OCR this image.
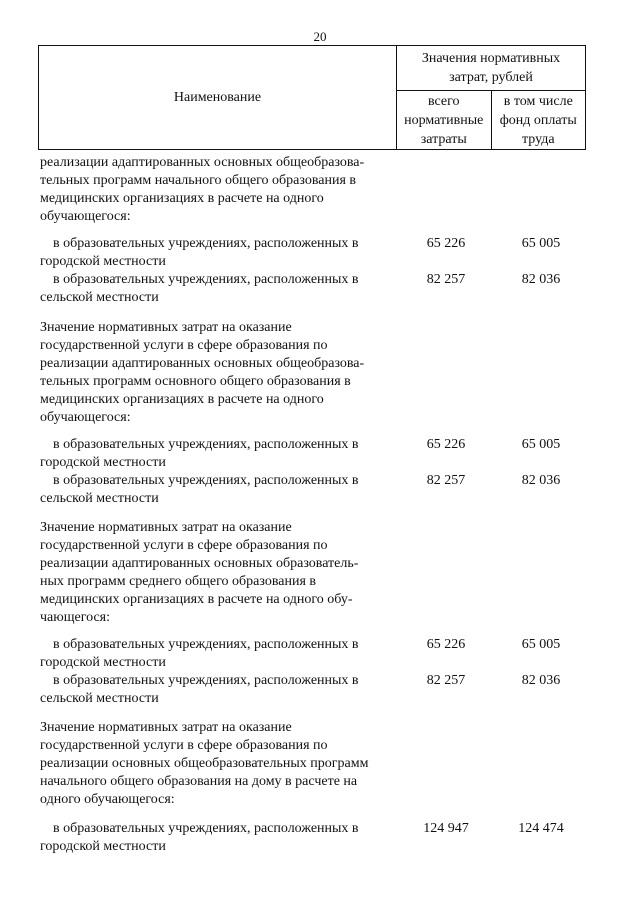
20
Наименование	Значения нормативных
затрат, рублей	
	всего
нормативные
затраты	в том числе
фонд оплаты
труда
реализации адаптированных основных общеобразова-
тельных программ начального общего образования в
медицинских организациях в расчете на одного
обучающегося:
в образовательных учреждениях, расположенных в
городской местности
65 226	65 005
в образовательных учреждениях, расположенных в
сельской местности
82 257	82 036
Значение нормативных затрат на оказание
государственной услуги в сфере образования по
реализации адаптированных основных общеобразова-
тельных программ основного общего образования в
медицинских организациях в расчете на одного
обучающегося:
в образовательных учреждениях, расположенных в
городской местности
65 226	65 005
в образовательных учреждениях, расположенных в
сельской местности
82 257	82 036
Значение нормативных затрат на оказание
государственной услуги в сфере образования по
реализации адаптированных основных образователь-
ных программ среднего общего образования в
медицинских организациях в расчете на одного обу-
чающегося:
в образовательных учреждениях, расположенных в
городской местности
65 226	65 005
в образовательных учреждениях, расположенных в
сельской местности
82 257	82 036
Значение нормативных затрат на оказание
государственной услуги в сфере образования по
реализации основных общеобразовательных программ
начального общего образования на дому в расчете на
одного обучающегося:
в образовательных учреждениях, расположенных в
городской местности
124 947	124 474
